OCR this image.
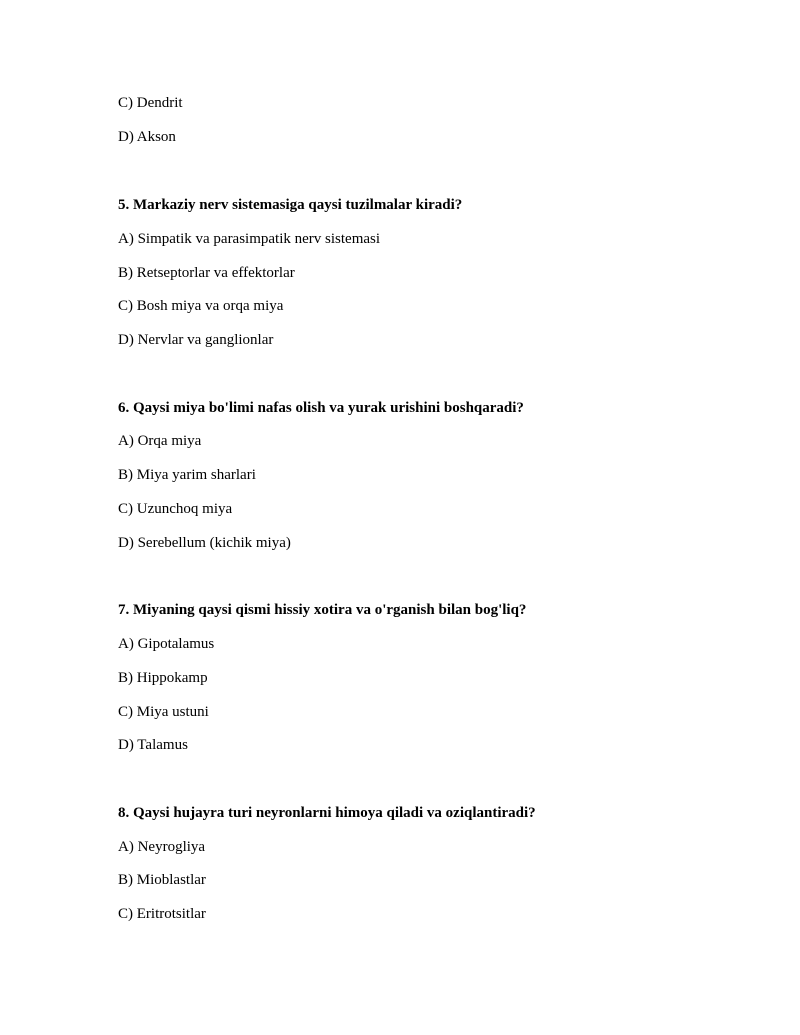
C) Dendrit
D) Akson
5. Markaziy nerv sistemasiga qaysi tuzilmalar kiradi?
A) Simpatik va parasimpatik nerv sistemasi
B) Retseptorlar va effektorlar
C) Bosh miya va orqa miya
D) Nervlar va ganglionlar
6. Qaysi miya bo'limi nafas olish va yurak urishini boshqaradi?
A) Orqa miya
B) Miya yarim sharlari
C) Uzunchoq miya
D) Serebellum (kichik miya)
7. Miyaning qaysi qismi hissiy xotira va o'rganish bilan bog'liq?
A) Gipotalamus
B) Hippokamp
C) Miya ustuni
D) Talamus
8. Qaysi hujayra turi neyronlarni himoya qiladi va oziqlantiradi?
A) Neyrogliya
B) Mioblastlar
C) Eritrotsitlar
